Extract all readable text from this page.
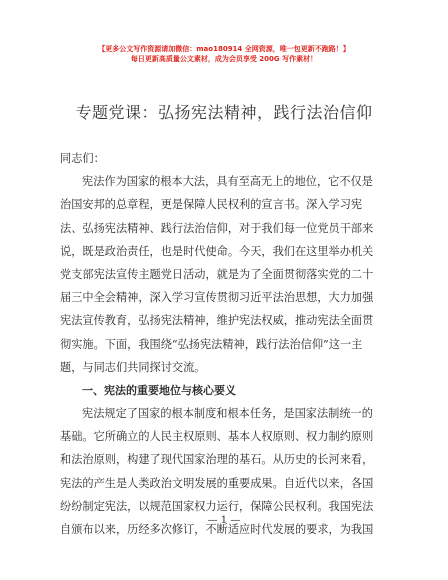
【更多公文写作资源请加微信：mao180914 全网资源，唯一包更新不跑路！】
每日更新高质量公文素材，成为会员享受 200G 写作素材！
专题党课：弘扬宪法精神，践行法治信仰
同志们：
宪法作为国家的根本大法，具有至高无上的地位，它不仅是
治国安邦的总章程，更是保障人民权利的宣言书。深入学习宪
法、弘扬宪法精神、践行法治信仰，对于我们每一位党员干部来
说，既是政治责任，也是时代使命。今天，我们在这里举办机关
党支部宪法宣传主题党日活动，就是为了全面贯彻落实党的二十
届三中全会精神，深入学习宣传贯彻习近平法治思想，大力加强
宪法宣传教育，弘扬宪法精神，维护宪法权威，推动宪法全面贯
彻实施。下面，我围绕“弘扬宪法精神，践行法治信仰”这一主
题，与同志们共同探讨交流。
一、宪法的重要地位与核心要义
宪法规定了国家的根本制度和根本任务，是国家法制统一的
基础。它所确立的人民主权原则、基本人权原则、权力制约原则
和法治原则，构建了现代国家治理的基石。从历史的长河来看，
宪法的产生是人类政治文明发展的重要成果。自近代以来，各国
纷纷制定宪法，以规范国家权力运行，保障公民权利。我国宪法
自颁布以来，历经多次修订，不断适应时代发展的要求，为我国
— 1 —
